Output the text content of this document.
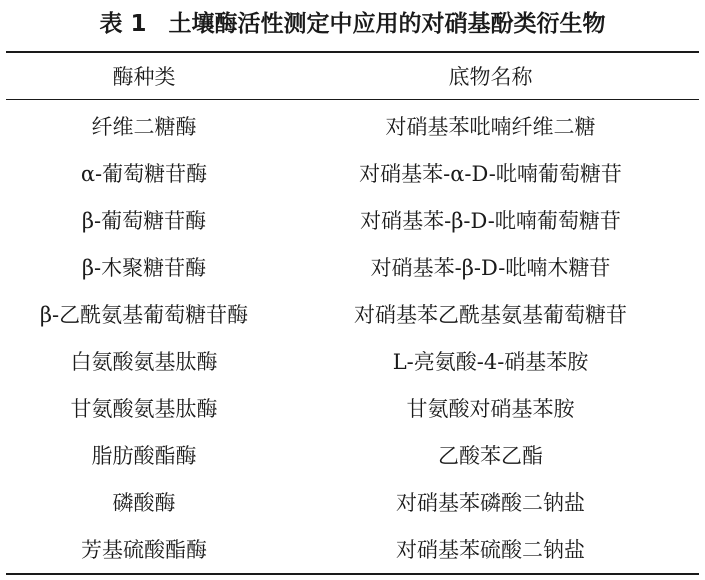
表 1 土壤酶活性测定中应用的对硝基酚类衍生物
酶种类	底物名称
纤维二糖酶	对硝基苯吡喃纤维二糖
α-葡萄糖苷酶	对硝基苯-α-D-吡喃葡萄糖苷
β-葡萄糖苷酶	对硝基苯-β-D-吡喃葡萄糖苷
β-木聚糖苷酶	对硝基苯-β-D-吡喃木糖苷
β-乙酰氨基葡萄糖苷酶	对硝基苯乙酰基氨基葡萄糖苷
白氨酸氨基肽酶	L-亮氨酸-4-硝基苯胺
甘氨酸氨基肽酶	甘氨酸对硝基苯胺
脂肪酸酯酶	乙酸苯乙酯
磷酸酶	对硝基苯磷酸二钠盐
芳基硫酸酯酶	对硝基苯硫酸二钠盐
